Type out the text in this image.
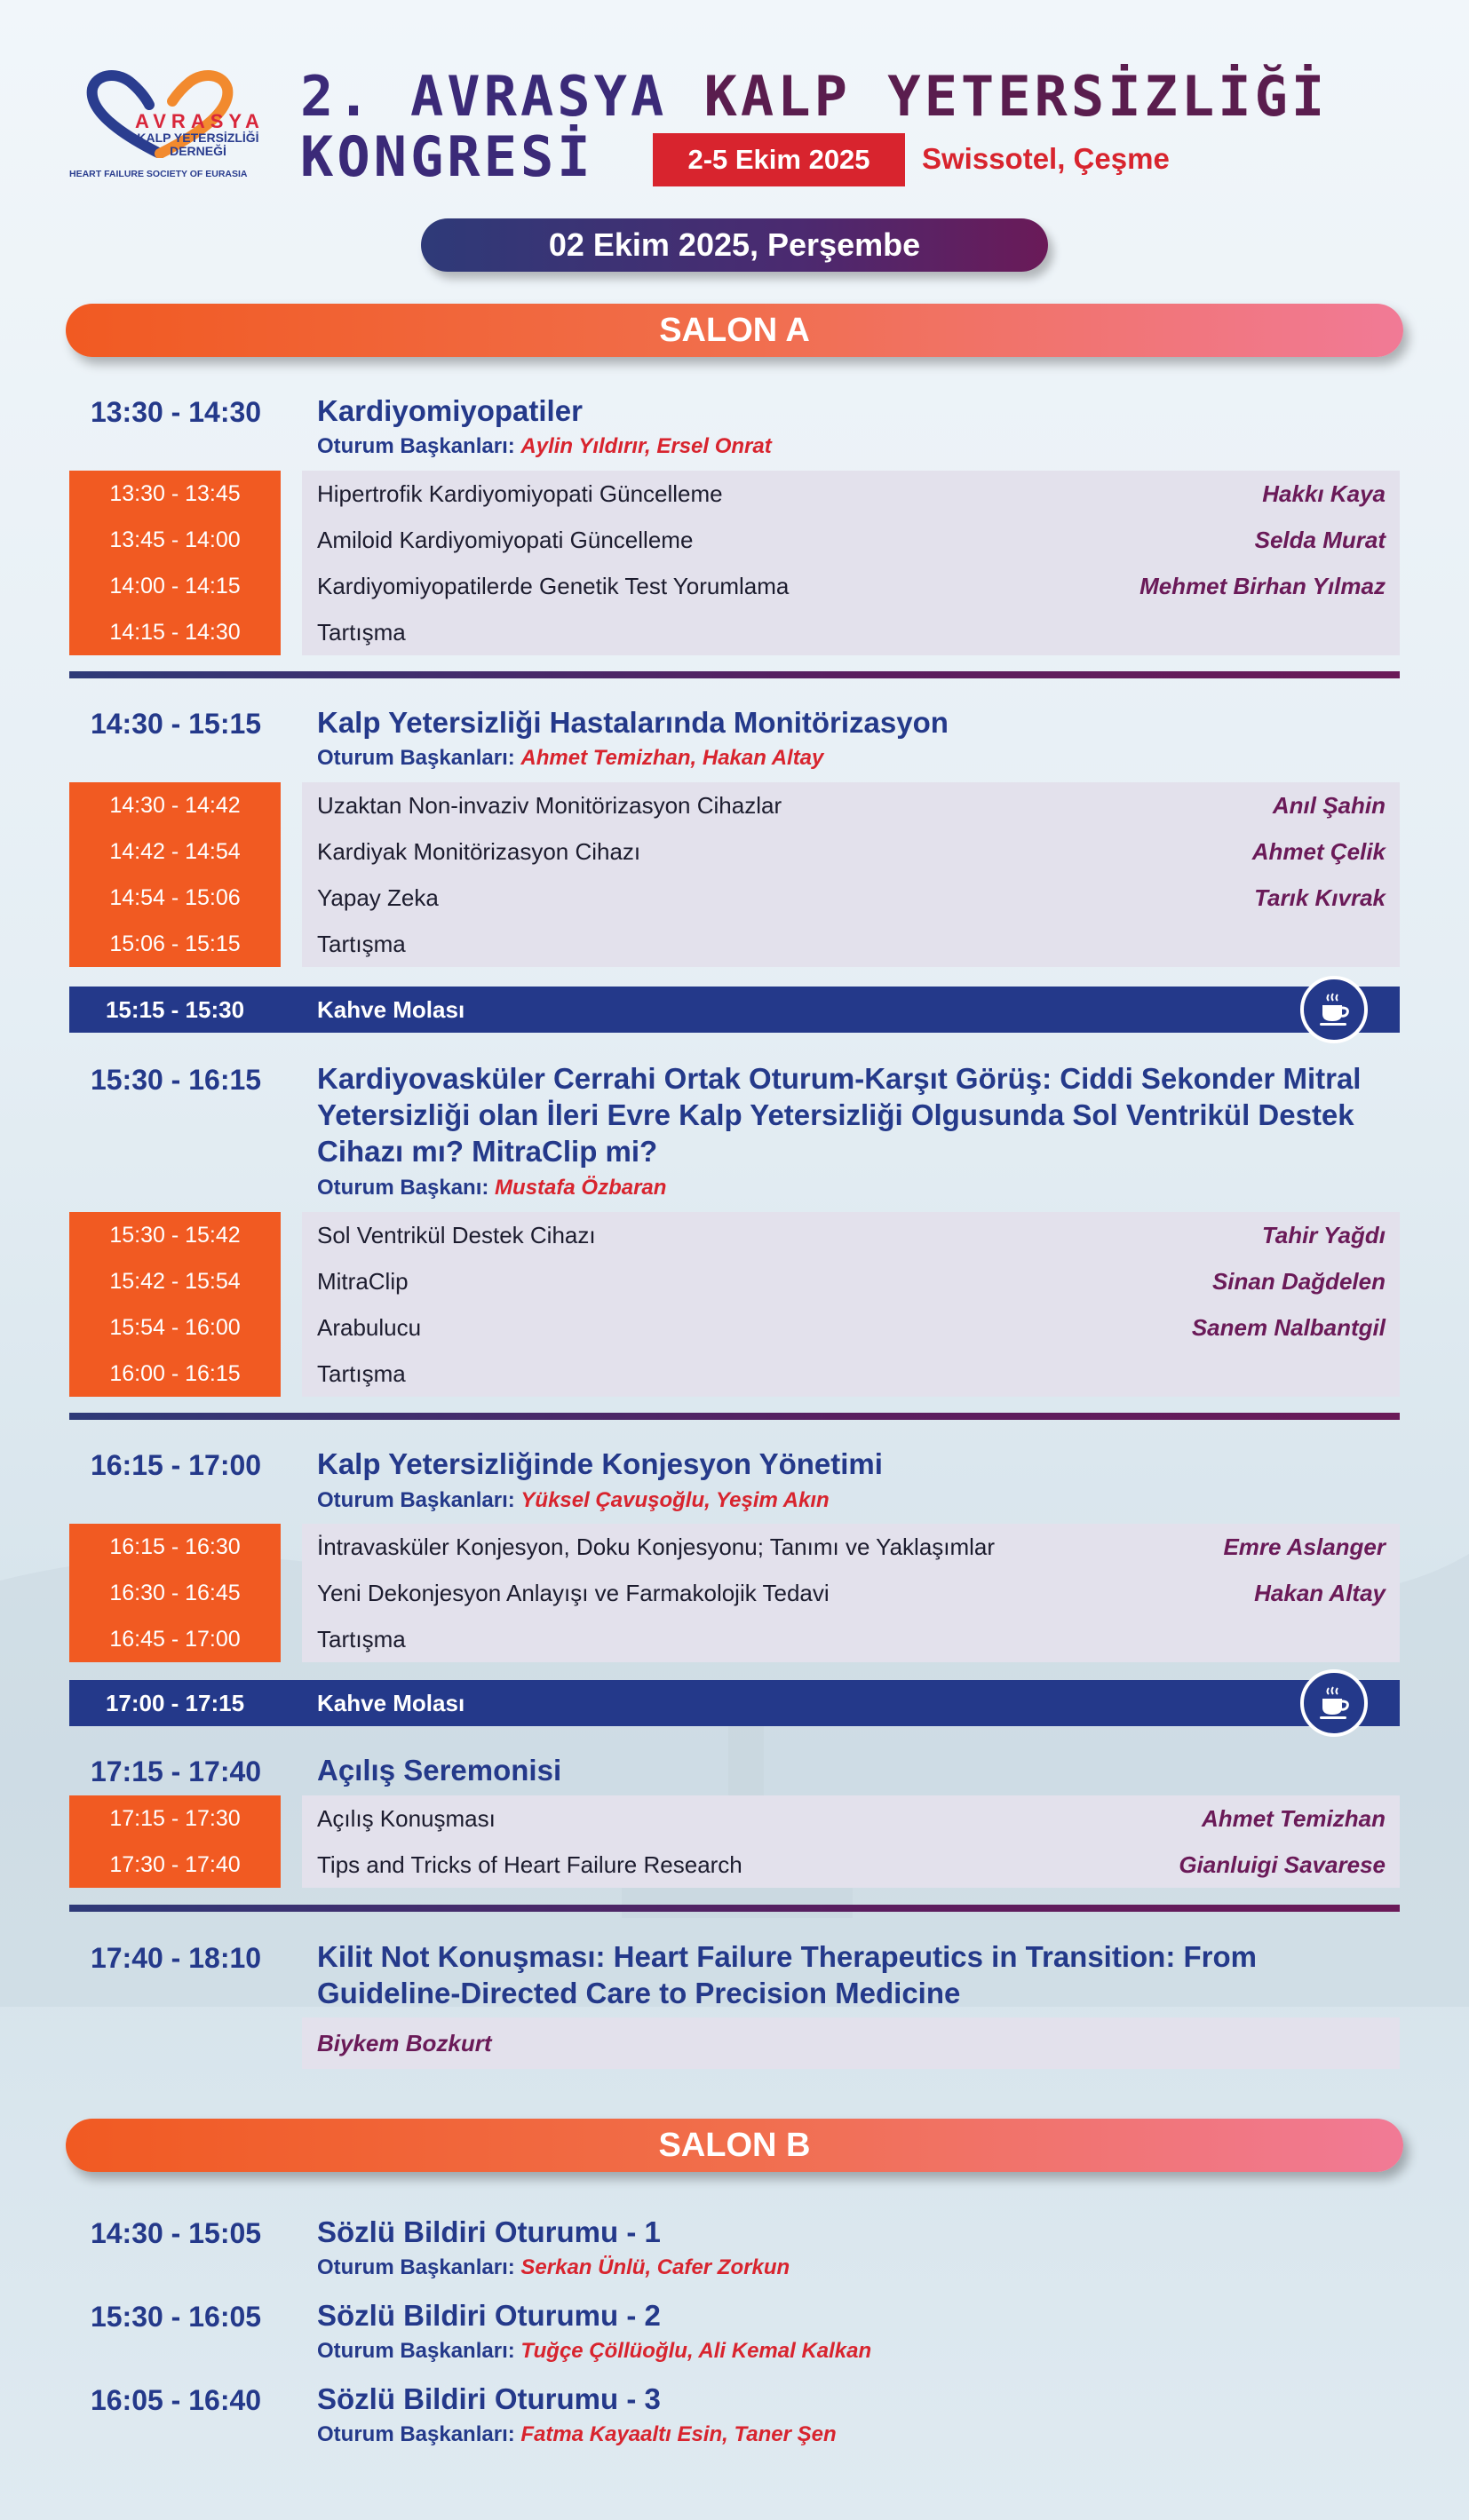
AVRASYA
KALP YETERSİZLİĞİ
DERNEĞİ
HEART FAILURE SOCIETY OF EURASIA
2. AVRASYA KALP YETERSİZLİĞİ
KONGRESİ	2-5 Ekim 2025	Swissotel, Çeşme
02 Ekim 2025, Perşembe
SALON A
13:30 - 14:30	Kardiyomiyopatiler
Oturum Başkanları: Aylin Yıldırır, Ersel Onrat
13:30 - 13:45	Hipertrofik Kardiyomiyopati Güncelleme	Hakkı Kaya
13:45 - 14:00	Amiloid Kardiyomiyopati Güncelleme	Selda Murat
14:00 - 14:15	Kardiyomiyopatilerde Genetik Test Yorumlama	Mehmet Birhan Yılmaz
14:15 - 14:30	Tartışma
14:30 - 15:15	Kalp Yetersizliği Hastalarında Monitörizasyon
Oturum Başkanları: Ahmet Temizhan, Hakan Altay
14:30 - 14:42	Uzaktan Non-invaziv Monitörizasyon Cihazlar	Anıl Şahin
14:42 - 14:54	Kardiyak Monitörizasyon Cihazı	Ahmet Çelik
14:54 - 15:06	Yapay Zeka	Tarık Kıvrak
15:06 - 15:15	Tartışma
15:15 - 15:30	Kahve Molası
15:30 - 16:15	Kardiyovasküler Cerrahi Ortak Oturum-Karşıt Görüş: Ciddi Sekonder Mitral Yetersizliği olan İleri Evre Kalp Yetersizliği Olgusunda Sol Ventrikül Destek Cihazı mı? MitraClip mi?
Oturum Başkanı: Mustafa Özbaran
15:30 - 15:42	Sol Ventrikül Destek Cihazı	Tahir Yağdı
15:42 - 15:54	MitraClip	Sinan Dağdelen
15:54 - 16:00	Arabulucu	Sanem Nalbantgil
16:00 - 16:15	Tartışma
16:15 - 17:00	Kalp Yetersizliğinde Konjesyon Yönetimi
Oturum Başkanları: Yüksel Çavuşoğlu, Yeşim Akın
16:15 - 16:30	İntravasküler Konjesyon, Doku Konjesyonu; Tanımı ve Yaklaşımlar	Emre Aslanger
16:30 - 16:45	Yeni Dekonjesyon Anlayışı ve Farmakolojik Tedavi	Hakan Altay
16:45 - 17:00	Tartışma
17:00 - 17:15	Kahve Molası
17:15 - 17:40	Açılış Seremonisi
17:15 - 17:30	Açılış Konuşması	Ahmet Temizhan
17:30 - 17:40	Tips and Tricks of Heart Failure Research	Gianluigi Savarese
17:40 - 18:10	Kilit Not Konuşması: Heart Failure Therapeutics in Transition: From Guideline-Directed Care to Precision Medicine
Biykem Bozkurt
SALON B
14:30 - 15:05	Sözlü Bildiri Oturumu - 1
Oturum Başkanları: Serkan Ünlü, Cafer Zorkun
15:30 - 16:05	Sözlü Bildiri Oturumu - 2
Oturum Başkanları: Tuğçe Çöllüoğlu, Ali Kemal Kalkan
16:05 - 16:40	Sözlü Bildiri Oturumu - 3
Oturum Başkanları: Fatma Kayaaltı Esin, Taner Şen
